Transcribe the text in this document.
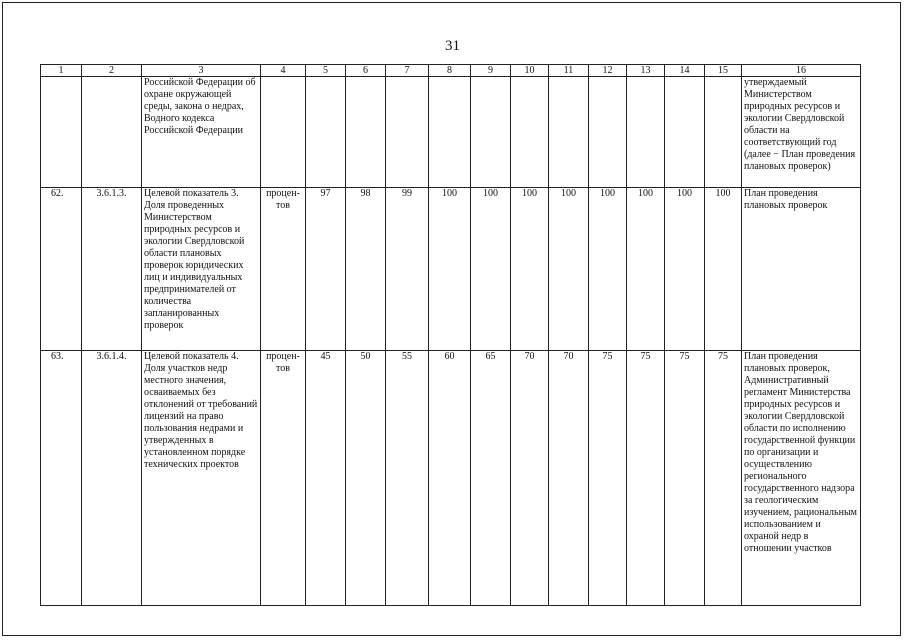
31
1	2	3	4	5	6	7	8	9	10	11	12	13	14	15	16
		Российской Федерации об охране окружающей среды, закона о недрах, Водного кодекса Российской Федерации													утверждаемый Министерством природных ресурсов и экологии Свердловской области на соответствующий год (далее − План проведения плановых проверок)
62.	3.6.1.3.	Целевой показатель 3. Доля проведенных Министерством природных ресурсов и экологии Свердловской области плановых проверок юридических лиц и индивидуальных предпринимателей от количества запланированных проверок	процен-тов	97	98	99	100	100	100	100	100	100	100	100	План проведения плановых проверок
63.	3.6.1.4.	Целевой показатель 4. Доля участков недр местного значения, осваиваемых без отклонений от требований лицензий на право пользования недрами и утвержденных в установленном порядке технических проектов	процен-тов	45	50	55	60	65	70	70	75	75	75	75	План проведения плановых проверок, Административный регламент Министерства природных ресурсов и экологии Свердловской области по исполнению государственной функции по организации и осуществлению регионального государственного надзора за геологическим изучением, рациональным использованием и охраной недр в отношении участков
